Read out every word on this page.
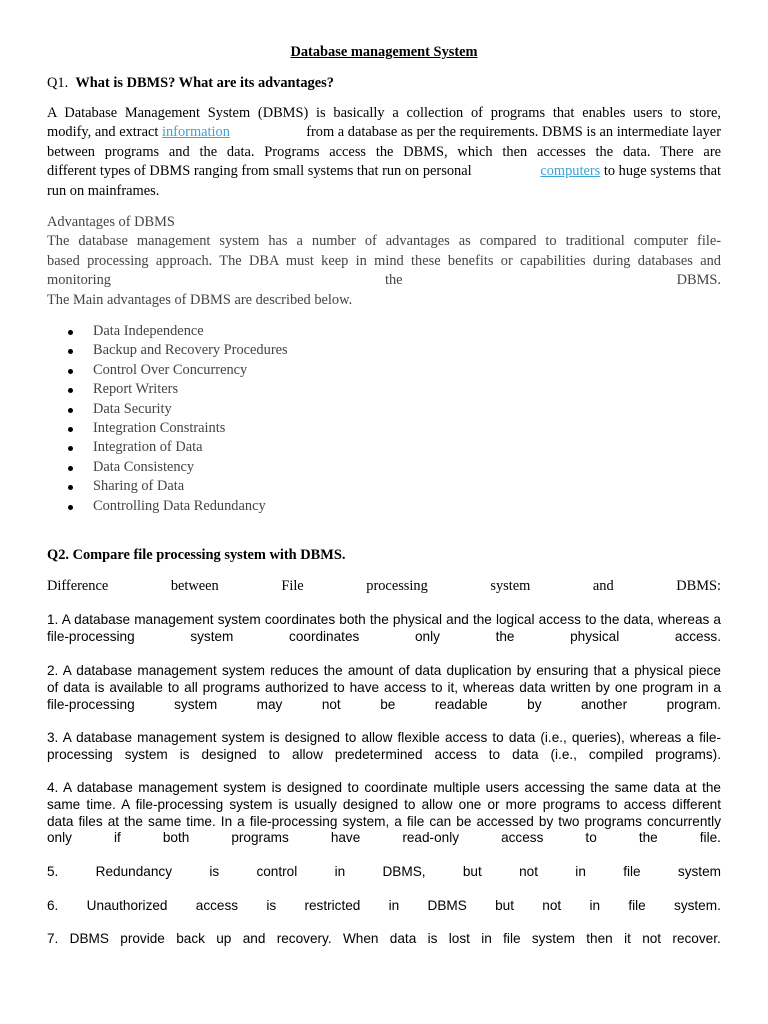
Database management System
Q1. What is DBMS? What are its advantages?
A Database Management System (DBMS) is basically a collection of programs that enables users to store,
modify, and extract information	from a database as per the requirements. DBMS is an intermediate layer
between programs and the data. Programs access the DBMS, which then accesses the data. There are
different types of DBMS ranging from small systems that run on personal	computers to huge systems that
run on mainframes.
Advantages of DBMS
The database management system has a number of advantages as compared to traditional computer file-
based processing approach. The DBA must keep in mind these benefits or capabilities during databases and
monitoring	the	DBMS.
The Main advantages of DBMS are described below.
Data Independence
Backup and Recovery Procedures
Control Over Concurrency
Report Writers
Data Security
Integration Constraints
Integration of Data
Data Consistency
Sharing of Data
Controlling Data Redundancy
Q2. Compare file processing system with DBMS.
Difference	between	File	processing	system	and	DBMS:
1. A database management system coordinates both the physical and the logical access to the data, whereas a
file-processing	system	coordinates	only	the	physical	access.
2. A database management system reduces the amount of data duplication by ensuring that a physical piece
of data is available to all programs authorized to have access to it, whereas data written by one program in a
file-processing	system	may	not	be	readable	by	another	program.
3. A database management system is designed to allow flexible access to data (i.e., queries), whereas a file-
processing system is designed to allow predetermined access to data (i.e., compiled programs).
4. A database management system is designed to coordinate multiple users accessing the same data at the
same time. A file-processing system is usually designed to allow one or more programs to access different
data files at the same time. In a file-processing system, a file can be accessed by two programs concurrently
only	if	both	programs	have	read-only	access	to	the	file.
5.	Redundancy	is	control	in	DBMS,	but	not	in	file	system
6. Unauthorized access is restricted in DBMS but not in file system.
7. DBMS provide back up and recovery. When data is lost in file system then it not recover.
